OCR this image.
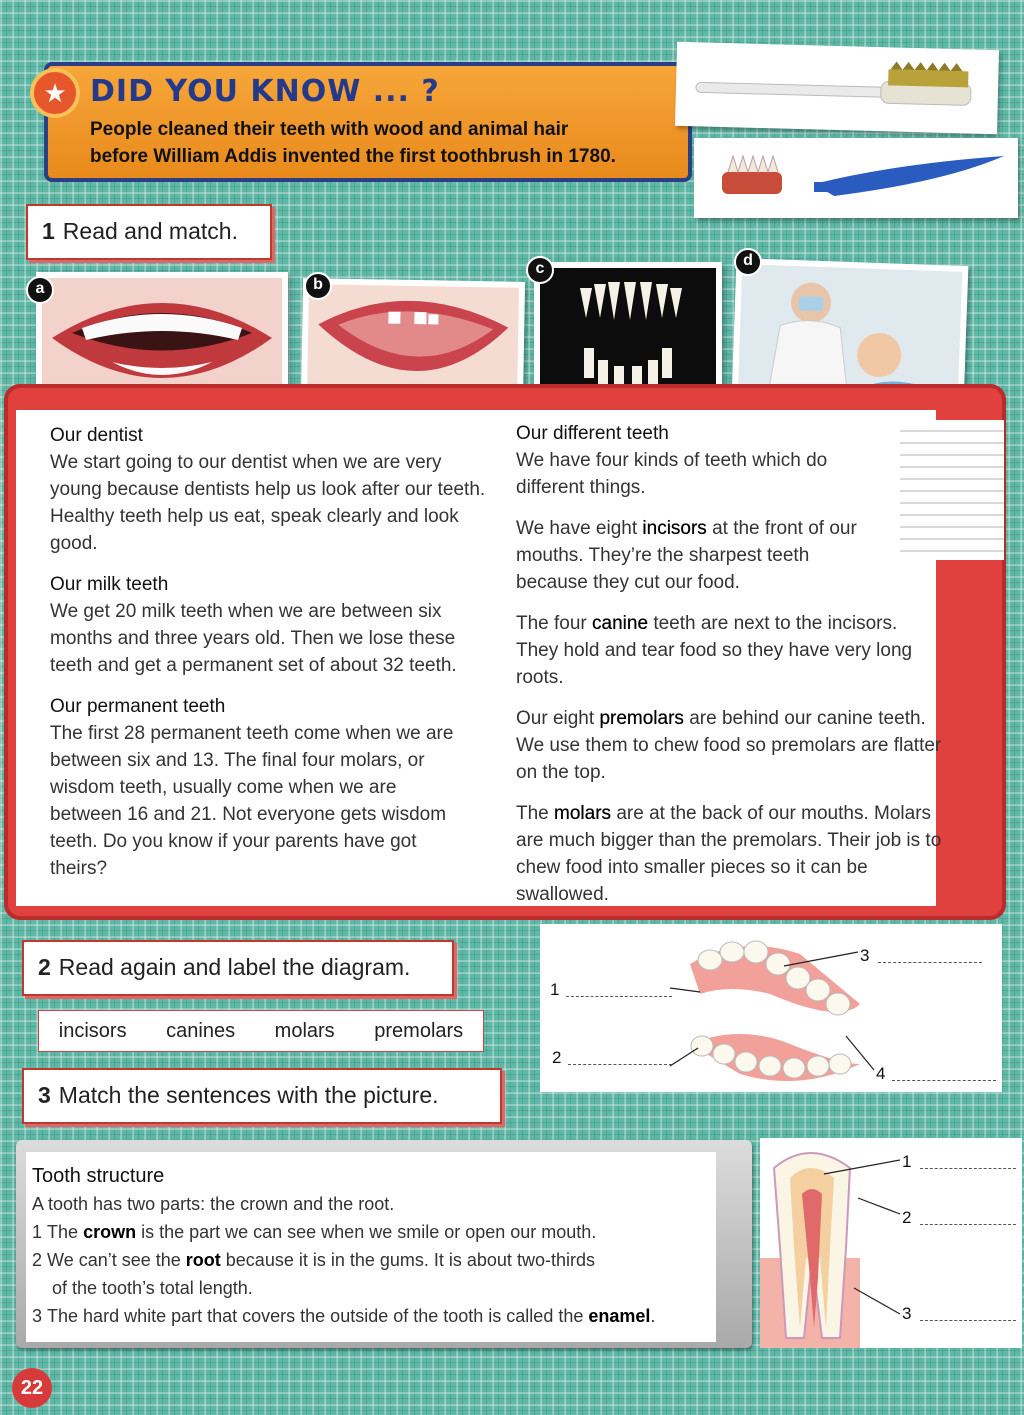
★ DID YOU KNOW ... ?
People cleaned their teeth with wood and animal hair
before William Addis invented the first toothbrush in 1780.
1 Read and match.
a	b
c	d
Our dentist

We start going to our dentist when we are very young because dentists help us look after our teeth. Healthy teeth help us eat, speak clearly and look good.

Our milk teeth

We get 20 milk teeth when we are between six months and three years old. Then we lose these teeth and get a permanent set of about 32 teeth.

Our permanent teeth

The first 28 permanent teeth come when we are between six and 13. The final four molars, or wisdom teeth, usually come when we are between 16 and 21. Not everyone gets wisdom teeth. Do you know if your parents have got theirs?

Our different teeth

We have four kinds of teeth which do different things.

We have eight incisors at the front of our mouths. They’re the sharpest teeth because they cut our food.

The four canine teeth are next to the incisors. They hold and tear food so they have very long roots.

Our eight premolars are behind our canine teeth. We use them to chew food so premolars are flatter on the top.

The molars are at the back of our mouths. Molars are much bigger than the premolars. Their job is to chew food into smaller pieces so it can be swallowed.

2 Read again and label the diagram.
incisors canines molars premolars
1
2
3
4
3 Match the sentences with the picture.
Tooth structure
A tooth has two parts: the crown and the root.
1 The crown is the part we can see when we smile or open our mouth.
2 We can’t see the root because it is in the gums. It is about two-thirds
of the tooth’s total length.
3 The hard white part that covers the outside of the tooth is called the enamel.
1
2
3
22
